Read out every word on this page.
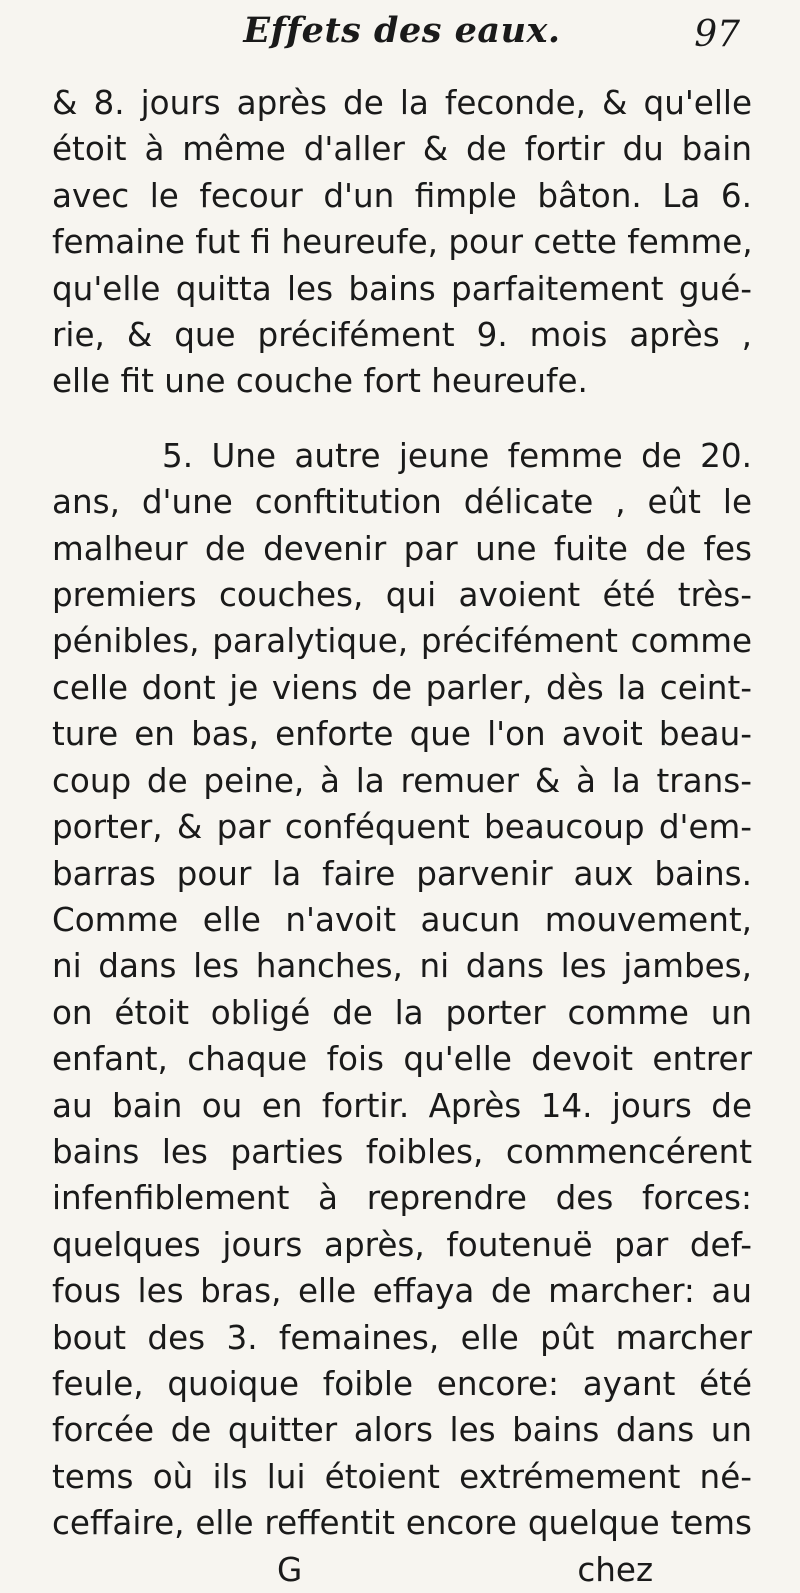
Effets des eaux.	97
& 8. jours après de la feconde, & qu'elle
étoit à même d'aller & de fortir du bain
avec le fecour d'un fimple bâton. La 6.
femaine fut fi heureufe, pour cette femme,
qu'elle quitta les bains parfaitement gué-
rie, & que précifément 9. mois après ,
elle fit une couche fort heureufe.
5. Une autre jeune femme de 20.
ans, d'une conftitution délicate , eût le
malheur de devenir par une fuite de fes
premiers couches, qui avoient été très-
pénibles, paralytique, précifément comme
celle dont je viens de parler, dès la ceint-
ture en bas, enforte que l'on avoit beau-
coup de peine, à la remuer & à la trans-
porter, & par conféquent beaucoup d'em-
barras pour la faire parvenir aux bains.
Comme elle n'avoit aucun mouvement,
ni dans les hanches, ni dans les jambes,
on étoit obligé de la porter comme un
enfant, chaque fois qu'elle devoit entrer
au bain ou en fortir. Après 14. jours de
bains les parties foibles, commencérent
infenfiblement à reprendre des forces:
quelques jours après, foutenuë par def-
fous les bras, elle effaya de marcher: au
bout des 3. femaines, elle pût marcher
feule, quoique foible encore: ayant été
forcée de quitter alors les bains dans un
tems où ils lui étoient extrémement né-
ceffaire, elle reffentit encore quelque tems
G	chez
